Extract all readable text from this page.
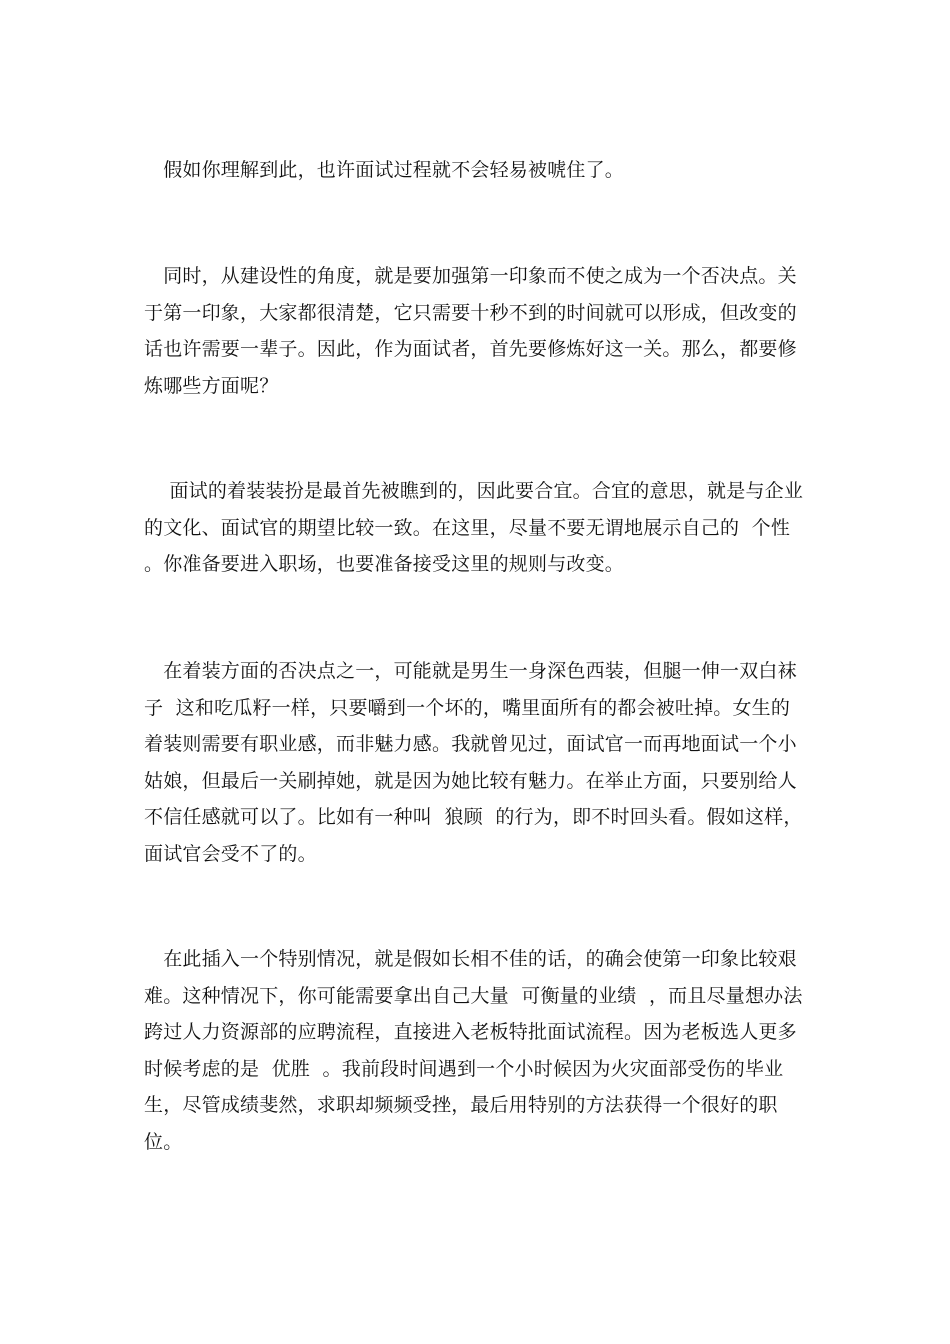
　假如你理解到此，也许面试过程就不会轻易被唬住了。

　同时，从建设性的角度，就是要加强第一印象而不使之成为一个否决点。关于第一印象，大家都很清楚，它只需要十秒不到的时间就可以形成，但改变的话也许需要一辈子。因此，作为面试者，首先要修炼好这一关。那么，都要修炼哪些方面呢？

　 面试的着装装扮是最首先被瞧到的，因此要合宜。合宜的意思，就是与企业的文化、面试官的期望比较一致。在这里，尽量不要无谓地展示自己的  个性  。你准备要进入职场，也要准备接受这里的规则与改变。

　在着装方面的否决点之一，可能就是男生一身深色西装，但腿一伸一双白袜子  这和吃瓜籽一样，只要嚼到一个坏的，嘴里面所有的都会被吐掉。女生的着装则需要有职业感，而非魅力感。我就曾见过，面试官一而再地面试一个小姑娘，但最后一关刷掉她，就是因为她比较有魅力。在举止方面，只要别给人不信任感就可以了。比如有一种叫  狼顾  的行为，即不时回头看。假如这样，面试官会受不了的。

　在此插入一个特别情况，就是假如长相不佳的话，的确会使第一印象比较艰难。这种情况下，你可能需要拿出自己大量  可衡量的业绩  ，而且尽量想办法跨过人力资源部的应聘流程，直接进入老板特批面试流程。因为老板选人更多时候考虑的是  优胜  。我前段时间遇到一个小时候因为火灾面部受伤的毕业生，尽管成绩斐然，求职却频频受挫，最后用特别的方法获得一个很好的职位。
